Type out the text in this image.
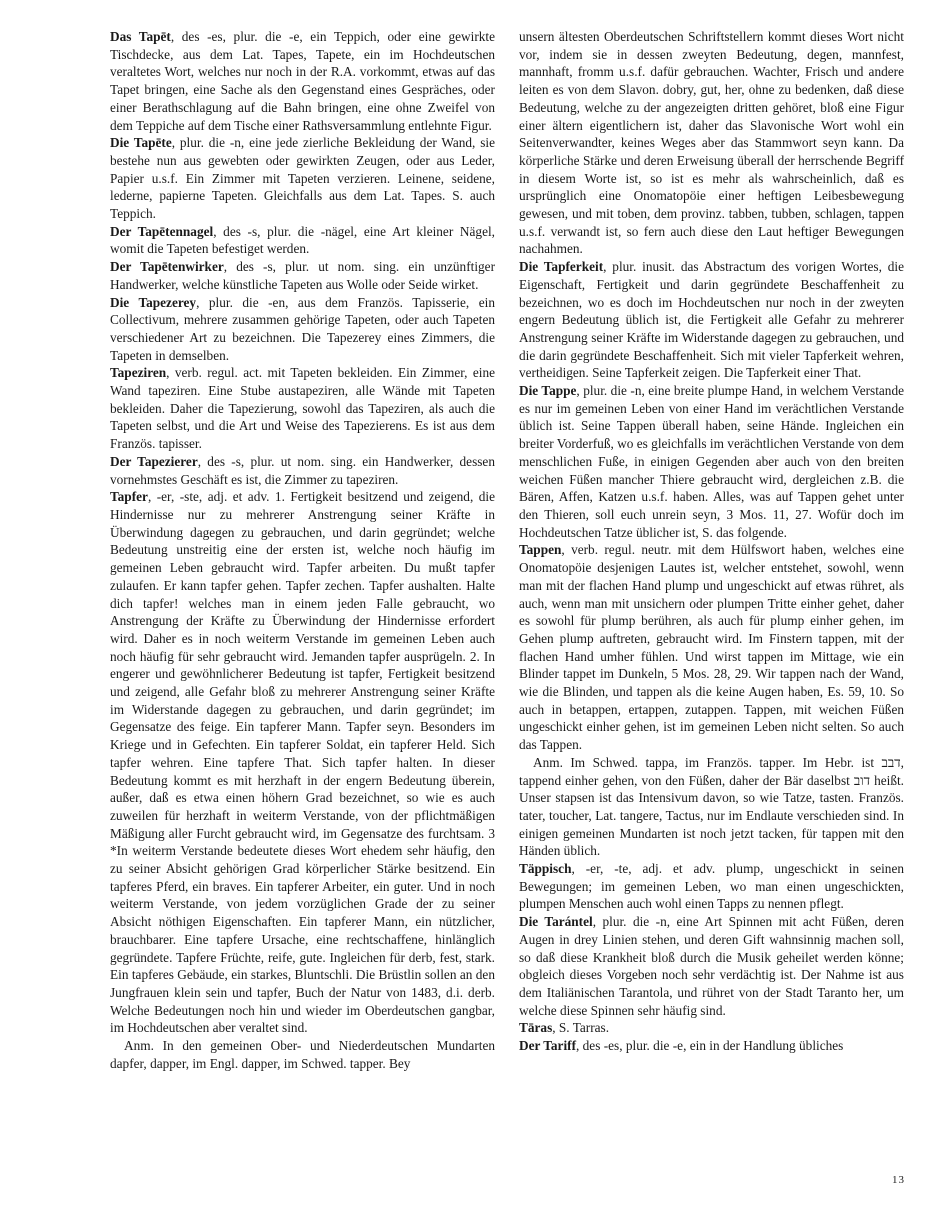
Das Tapēt, des -es, plur. die -e, ein Teppich, oder eine gewirkte Tischdecke, aus dem Lat. Tapes, Tapete, ein im Hochdeutschen veraltetes Wort, welches nur noch in der R.A. vorkommt, etwas auf das Tapet bringen, eine Sache als den Gegenstand eines Gespräches, oder einer Berathschlagung auf die Bahn bringen, eine ohne Zweifel von dem Teppiche auf dem Tische einer Rathsversammlung entlehnte Figur.

Die Tapēte, plur. die -n, eine jede zierliche Bekleidung der Wand, sie bestehe nun aus gewebten oder gewirkten Zeugen, oder aus Leder, Papier u.s.f. Ein Zimmer mit Tapeten verzieren. Leinene, seidene, lederne, papierne Tapeten. Gleichfalls aus dem Lat. Tapes. S. auch Teppich.

Der Tapētennagel, des -s, plur. die -nägel, eine Art kleiner Nägel, womit die Tapeten befestiget werden.

Der Tapētenwirker, des -s, plur. ut nom. sing. ein unzünftiger Handwerker, welche künstliche Tapeten aus Wolle oder Seide wirket.

Die Tapezerey, plur. die -en, aus dem Französ. Tapisserie, ein Collectivum, mehrere zusammen gehörige Tapeten, oder auch Tapeten verschiedener Art zu bezeichnen. Die Tapezerey eines Zimmers, die Tapeten in demselben.

Tapeziren, verb. regul. act. mit Tapeten bekleiden. Ein Zimmer, eine Wand tapeziren. Eine Stube austapeziren, alle Wände mit Tapeten bekleiden. Daher die Tapezierung, sowohl das Tapeziren, als auch die Tapeten selbst, und die Art und Weise des Tapezierens. Es ist aus dem Französ. tapisser.

Der Tapezierer, des -s, plur. ut nom. sing. ein Handwerker, dessen vornehmstes Geschäft es ist, die Zimmer zu tapeziren.

Tapfer, -er, -ste, adj. et adv. 1. Fertigkeit besitzend und zeigend, die Hindernisse nur zu mehrerer Anstrengung seiner Kräfte in Überwindung dagegen zu gebrauchen, und darin gegründet; welche Bedeutung unstreitig eine der ersten ist, welche noch häufig im gemeinen Leben gebraucht wird. Tapfer arbeiten. Du mußt tapfer zulaufen. Er kann tapfer gehen. Tapfer zechen. Tapfer aushalten. Halte dich tapfer! welches man in einem jeden Falle gebraucht, wo Anstrengung der Kräfte zu Überwindung der Hindernisse erfordert wird. Daher es in noch weiterm Verstande im gemeinen Leben auch noch häufig für sehr gebraucht wird. Jemanden tapfer ausprügeln. 2. In engerer und gewöhnlicherer Bedeutung ist tapfer, Fertigkeit besitzend und zeigend, alle Gefahr bloß zu mehrerer Anstrengung seiner Kräfte im Widerstande dagegen zu gebrauchen, und darin gegründet; im Gegensatze des feige. Ein tapferer Mann. Tapfer seyn. Besonders im Kriege und in Gefechten. Ein tapferer Soldat, ein tapferer Held. Sich tapfer wehren. Eine tapfere That. Sich tapfer halten. In dieser Bedeutung kommt es mit herzhaft in der engern Bedeutung überein, außer, daß es etwa einen höhern Grad bezeichnet, so wie es auch zuweilen für herzhaft in weiterm Verstande, von der pflichtmäßigen Mäßigung aller Furcht gebraucht wird, im Gegensatze des furchtsam. 3 *In weiterm Verstande bedeutete dieses Wort ehedem sehr häufig, den zu seiner Absicht gehörigen Grad körperlicher Stärke besitzend. Ein tapferes Pferd, ein braves. Ein tapferer Arbeiter, ein guter. Und in noch weiterm Verstande, von jedem vorzüglichen Grade der zu seiner Absicht nöthigen Eigenschaften. Ein tapferer Mann, ein nützlicher, brauchbarer. Eine tapfere Ursache, eine rechtschaffene, hinlänglich gegründete. Tapfere Früchte, reife, gute. Ingleichen für derb, fest, stark. Ein tapferes Gebäude, ein starkes, Bluntschli. Die Brüstlin sollen an den Jungfrauen klein sein und tapfer, Buch der Natur von 1483, d.i. derb. Welche Bedeutungen noch hin und wieder im Oberdeutschen gangbar, im Hochdeutschen aber veraltet sind.

Anm. In den gemeinen Ober- und Niederdeutschen Mundarten dapfer, dapper, im Engl. dapper, im Schwed. tapper. Bey

unsern ältesten Oberdeutschen Schriftstellern kommt dieses Wort nicht vor, indem sie in dessen zweyten Bedeutung, degen, mannfest, mannhaft, fromm u.s.f. dafür gebrauchen. Wachter, Frisch und andere leiten es von dem Slavon. dobry, gut, her, ohne zu bedenken, daß diese Bedeutung, welche zu der angezeigten dritten gehöret, bloß eine Figur einer ältern eigentlichern ist, daher das Slavonische Wort wohl ein Seitenverwandter, keines Weges aber das Stammwort seyn kann. Da körperliche Stärke und deren Erweisung überall der herrschende Begriff in diesem Worte ist, so ist es mehr als wahrscheinlich, daß es ursprünglich eine Onomatopöie einer heftigen Leibesbewegung gewesen, und mit toben, dem provinz. tabben, tubben, schlagen, tappen u.s.f. verwandt ist, so fern auch diese den Laut heftiger Bewegungen nachahmen.

Die Tapferkeit, plur. inusit. das Abstractum des vorigen Wortes, die Eigenschaft, Fertigkeit und darin gegründete Beschaffenheit zu bezeichnen, wo es doch im Hochdeutschen nur noch in der zweyten engern Bedeutung üblich ist, die Fertigkeit alle Gefahr zu mehrerer Anstrengung seiner Kräfte im Widerstande dagegen zu gebrauchen, und die darin gegründete Beschaffenheit. Sich mit vieler Tapferkeit wehren, vertheidigen. Seine Tapferkeit zeigen. Die Tapferkeit einer That.

Die Tappe, plur. die -n, eine breite plumpe Hand, in welchem Verstande es nur im gemeinen Leben von einer Hand im verächtlichen Verstande üblich ist. Seine Tappen überall haben, seine Hände. Ingleichen ein breiter Vorderfuß, wo es gleichfalls im verächtlichen Verstande von dem menschlichen Fuße, in einigen Gegenden aber auch von den breiten weichen Füßen mancher Thiere gebraucht wird, dergleichen z.B. die Bären, Affen, Katzen u.s.f. haben. Alles, was auf Tappen gehet unter den Thieren, soll euch unrein seyn, 3 Mos. 11, 27. Wofür doch im Hochdeutschen Tatze üblicher ist, S. das folgende.

Tappen, verb. regul. neutr. mit dem Hülfswort haben, welches eine Onomatopöie desjenigen Lautes ist, welcher entstehet, sowohl, wenn man mit der flachen Hand plump und ungeschickt auf etwas rühret, als auch, wenn man mit unsichern oder plumpen Tritte einher gehet, daher es sowohl für plump berühren, als auch für plump einher gehen, im Gehen plump auftreten, gebraucht wird. Im Finstern tappen, mit der flachen Hand umher fühlen. Und wirst tappen im Mittage, wie ein Blinder tappet im Dunkeln, 5 Mos. 28, 29. Wir tappen nach der Wand, wie die Blinden, und tappen als die keine Augen haben, Es. 59, 10. So auch in betappen, ertappen, zutappen. Tappen, mit weichen Füßen ungeschickt einher gehen, ist im gemeinen Leben nicht selten. So auch das Tappen.

Anm. Im Schwed. tappa, im Französ. tapper. Im Hebr. ist דבב, tappend einher gehen, von den Füßen, daher der Bär daselbst דוב heißt. Unser stapsen ist das Intensivum davon, so wie Tatze, tasten. Französ. tater, toucher, Lat. tangere, Tactus, nur im Endlaute verschieden sind. In einigen gemeinen Mundarten ist noch jetzt tacken, für tappen mit den Händen üblich.

Täppisch, -er, -te, adj. et adv. plump, ungeschickt in seinen Bewegungen; im gemeinen Leben, wo man einen ungeschickten, plumpen Menschen auch wohl einen Tapps zu nennen pflegt.

Die Tarántel, plur. die -n, eine Art Spinnen mit acht Füßen, deren Augen in drey Linien stehen, und deren Gift wahnsinnig machen soll, so daß diese Krankheit bloß durch die Musik geheilet werden könne; obgleich dieses Vorgeben noch sehr verdächtig ist. Der Nahme ist aus dem Italiänischen Tarantola, und rühret von der Stadt Taranto her, um welche diese Spinnen sehr häufig sind.

Tāras, S. Tarras.

Der Tariff, des -es, plur. die -e, ein in der Handlung übliches

13
